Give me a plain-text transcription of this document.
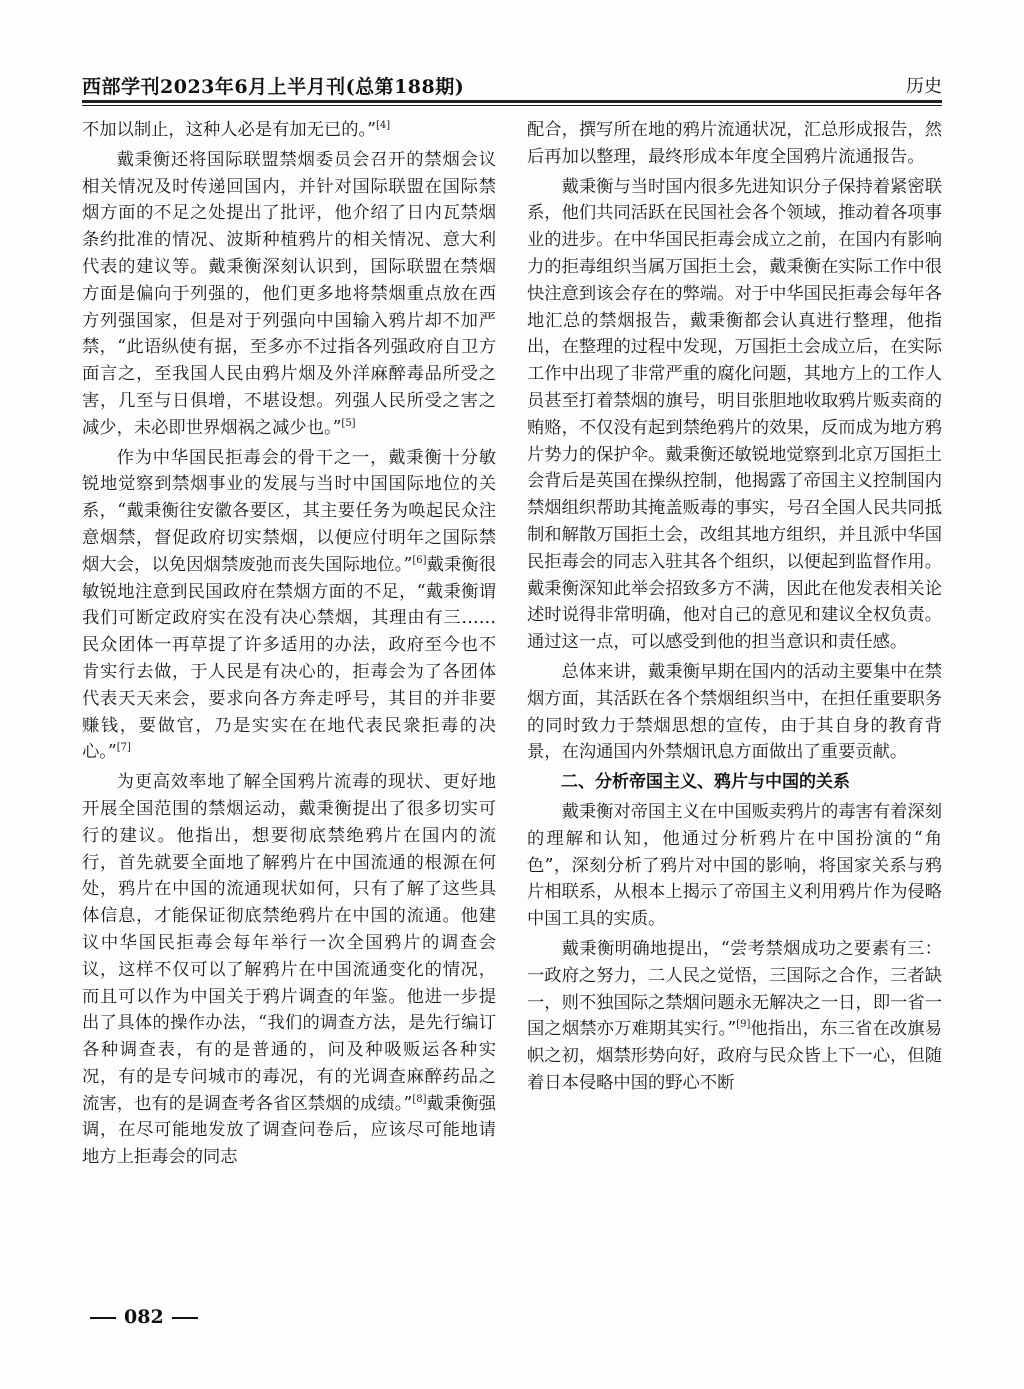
西部学刊2023年6月上半月刊(总第188期)	历史

不加以制止，这种人必是有加无已的。”[4]

戴秉衡还将国际联盟禁烟委员会召开的禁烟会议相关情况及时传递回国内，并针对国际联盟在国际禁烟方面的不足之处提出了批评，他介绍了日内瓦禁烟条约批准的情况、波斯种植鸦片的相关情况、意大利代表的建议等。戴秉衡深刻认识到，国际联盟在禁烟方面是偏向于列强的，他们更多地将禁烟重点放在西方列强国家，但是对于列强向中国输入鸦片却不加严禁，“此语纵使有据，至多亦不过指各列强政府自卫方面言之，至我国人民由鸦片烟及外洋麻醉毒品所受之害，几至与日俱增，不堪设想。列强人民所受之害之减少，未必即世界烟祸之减少也。”[5]

作为中华国民拒毒会的骨干之一，戴秉衡十分敏锐地觉察到禁烟事业的发展与当时中国国际地位的关系，“戴秉衡往安徽各要区，其主要任务为唤起民众注意烟禁，督促政府切实禁烟，以便应付明年之国际禁烟大会，以免因烟禁废弛而丧失国际地位。”[6]戴秉衡很敏锐地注意到民国政府在禁烟方面的不足，“戴秉衡谓我们可断定政府实在没有决心禁烟，其理由有三……民众团体一再草提了许多适用的办法，政府至今也不肯实行去做，于人民是有决心的，拒毒会为了各团体代表天天来会，要求向各方奔走呼号，其目的并非要赚钱，要做官，乃是实实在在地代表民衆拒毒的决心。”[7]

为更高效率地了解全国鸦片流毒的现状、更好地开展全国范围的禁烟运动，戴秉衡提出了很多切实可行的建议。他指出，想要彻底禁绝鸦片在国内的流行，首先就要全面地了解鸦片在中国流通的根源在何处，鸦片在中国的流通现状如何，只有了解了这些具体信息，才能保证彻底禁绝鸦片在中国的流通。他建议中华国民拒毒会每年举行一次全国鸦片的调查会议，这样不仅可以了解鸦片在中国流通变化的情况，而且可以作为中国关于鸦片调查的年鉴。他进一步提出了具体的操作办法，“我们的调查方法，是先行编订各种调查表，有的是普通的，问及种吸贩运各种实况，有的是专问城市的毒况，有的光调查麻醉药品之流害，也有的是调查考各省区禁烟的成绩。”[8]戴秉衡强调，在尽可能地发放了调查问卷后，应该尽可能地请地方上拒毒会的同志

配合，撰写所在地的鸦片流通状况，汇总形成报告，然后再加以整理，最终形成本年度全国鸦片流通报告。

戴秉衡与当时国内很多先进知识分子保持着紧密联系，他们共同活跃在民国社会各个领域，推动着各项事业的进步。在中华国民拒毒会成立之前，在国内有影响力的拒毒组织当属万国拒土会，戴秉衡在实际工作中很快注意到该会存在的弊端。对于中华国民拒毒会每年各地汇总的禁烟报告，戴秉衡都会认真进行整理，他指出，在整理的过程中发现，万国拒土会成立后，在实际工作中出现了非常严重的腐化问题，其地方上的工作人员甚至打着禁烟的旗号，明目张胆地收取鸦片贩卖商的贿赂，不仅没有起到禁绝鸦片的效果，反而成为地方鸦片势力的保护伞。戴秉衡还敏锐地觉察到北京万国拒土会背后是英国在操纵控制，他揭露了帝国主义控制国内禁烟组织帮助其掩盖贩毒的事实，号召全国人民共同抵制和解散万国拒土会，改组其地方组织，并且派中华国民拒毒会的同志入驻其各个组织，以便起到监督作用。戴秉衡深知此举会招致多方不满，因此在他发表相关论述时说得非常明确，他对自己的意见和建议全权负责。通过这一点，可以感受到他的担当意识和责任感。

总体来讲，戴秉衡早期在国内的活动主要集中在禁烟方面，其活跃在各个禁烟组织当中，在担任重要职务的同时致力于禁烟思想的宣传，由于其自身的教育背景，在沟通国内外禁烟讯息方面做出了重要贡献。

二、分析帝国主义、鸦片与中国的关系

戴秉衡对帝国主义在中国贩卖鸦片的毒害有着深刻的理解和认知，他通过分析鸦片在中国扮演的“角色”，深刻分析了鸦片对中国的影响，将国家关系与鸦片相联系，从根本上揭示了帝国主义利用鸦片作为侵略中国工具的实质。

戴秉衡明确地提出，“尝考禁烟成功之要素有三：一政府之努力，二人民之觉悟，三国际之合作，三者缺一，则不独国际之禁烟问题永无解决之一日，即一省一国之烟禁亦万难期其实行。”[9]他指出，东三省在改旗易帜之初，烟禁形势向好，政府与民众皆上下一心，但随着日本侵略中国的野心不断

082
